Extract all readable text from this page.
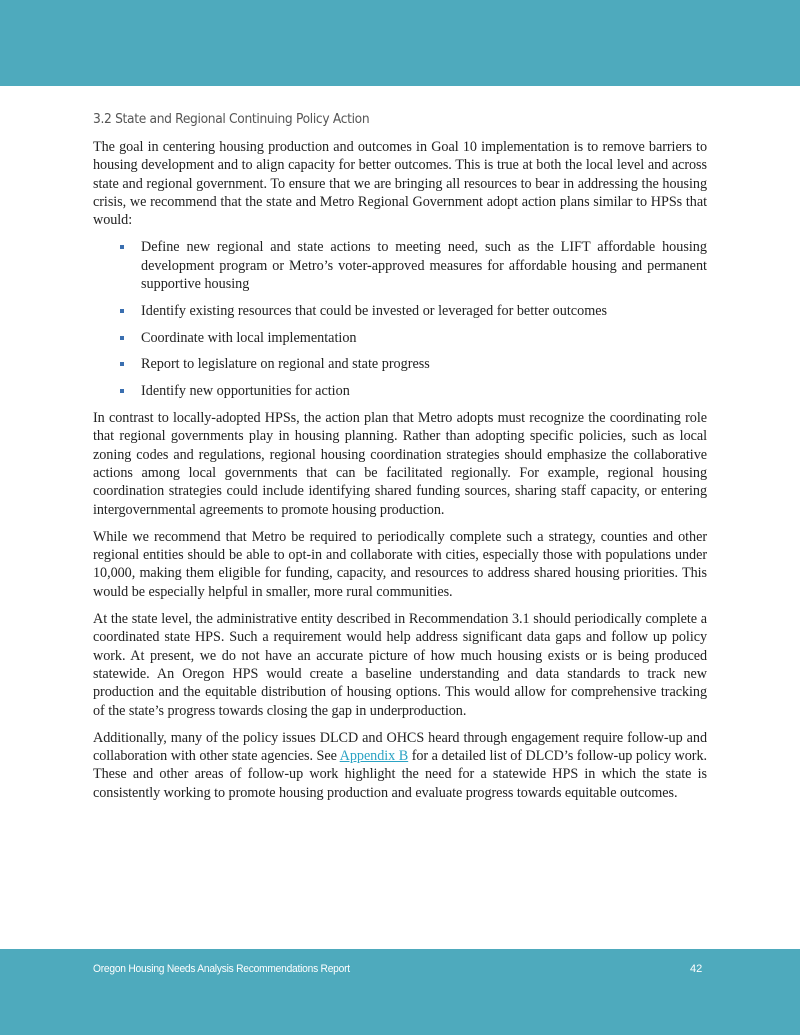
3.2 State and Regional Continuing Policy Action

The goal in centering housing production and outcomes in Goal 10 implementation is to remove barriers to housing development and to align capacity for better outcomes. This is true at both the local level and across state and regional government. To ensure that we are bringing all resources to bear in addressing the housing crisis, we recommend that the state and Metro Regional Government adopt action plans similar to HPSs that would:

Define new regional and state actions to meeting need, such as the LIFT affordable housing development program or Metro’s voter-approved measures for affordable housing and permanent supportive housing
Identify existing resources that could be invested or leveraged for better outcomes
Coordinate with local implementation
Report to legislature on regional and state progress
Identify new opportunities for action

In contrast to locally-adopted HPSs, the action plan that Metro adopts must recognize the coordinating role that regional governments play in housing planning. Rather than adopting specific policies, such as local zoning codes and regulations, regional housing coordination strategies should emphasize the collaborative actions among local governments that can be facilitated regionally. For example, regional housing coordination strategies could include identifying shared funding sources, sharing staff capacity, or entering intergovernmental agreements to promote housing production.

While we recommend that Metro be required to periodically complete such a strategy, counties and other regional entities should be able to opt-in and collaborate with cities, especially those with populations under 10,000, making them eligible for funding, capacity, and resources to address shared housing priorities. This would be especially helpful in smaller, more rural communities.

At the state level, the administrative entity described in Recommendation 3.1 should periodically complete a coordinated state HPS. Such a requirement would help address significant data gaps and follow up policy work. At present, we do not have an accurate picture of how much housing exists or is being produced statewide. An Oregon HPS would create a baseline understanding and data standards to track new production and the equitable distribution of housing options. This would allow for comprehensive tracking of the state’s progress towards closing the gap in underproduction.

Additionally, many of the policy issues DLCD and OHCS heard through engagement require follow-up and collaboration with other state agencies. See Appendix B for a detailed list of DLCD’s follow-up policy work. These and other areas of follow-up work highlight the need for a statewide HPS in which the state is consistently working to promote housing production and evaluate progress towards equitable outcomes.

Oregon Housing Needs Analysis Recommendations Report	42
